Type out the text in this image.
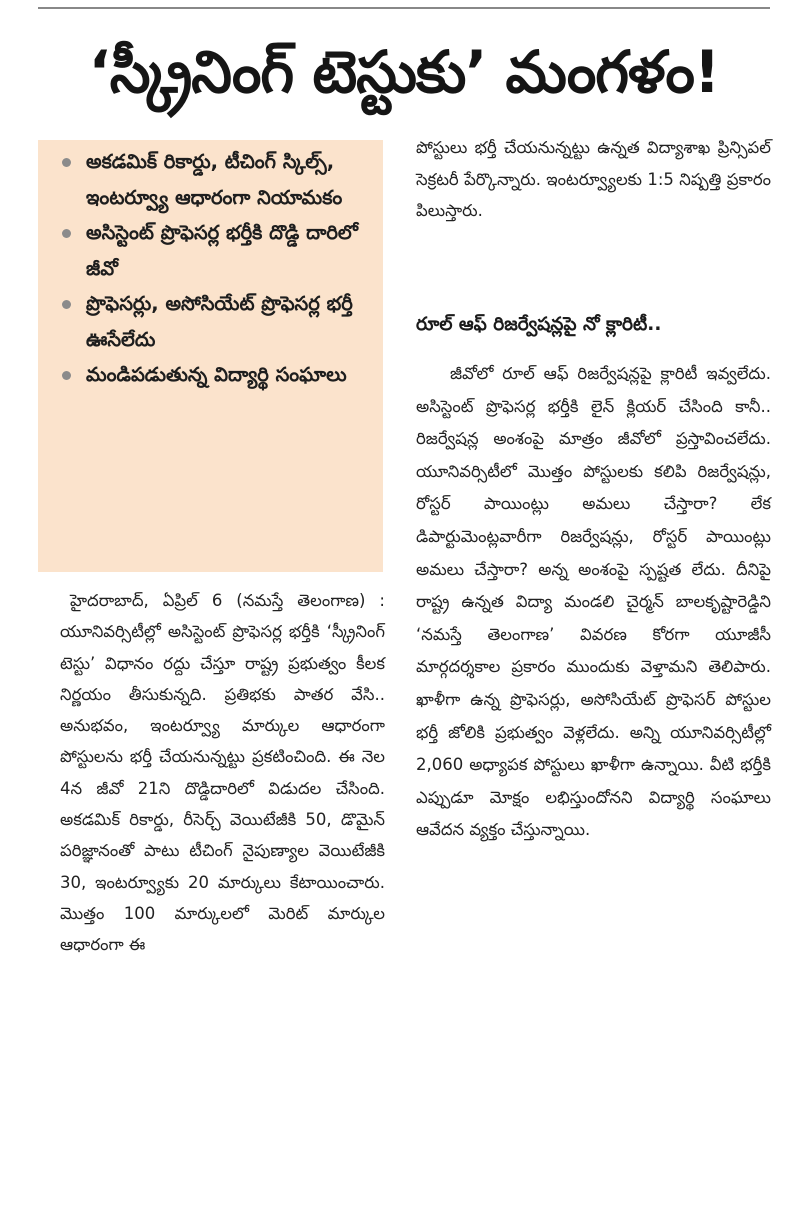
‘స్క్రీనింగ్ టెస్టుకు’ మంగళం!
అకడమిక్ రికార్డు, టీచింగ్ స్కిల్స్, ఇంటర్వ్యూ ఆధారంగా నియామకం
అసిస్టెంట్ ప్రొఫెసర్ల భర్తీకి దొడ్డి దారిలో జీవో
ప్రొఫెసర్లు, అసోసియేట్ ప్రొఫెసర్ల భర్తీ ఊసేలేదు
మండిపడుతున్న విద్యార్థి సంఘాలు

హైదరాబాద్, ఏప్రిల్ 6 (నమస్తే తెలంగాణ) : యూనివర్సిటీల్లో అసిస్టెంట్ ప్రొఫెసర్ల భర్తీకి ‘స్క్రీనింగ్ టెస్టు’ విధానం రద్దు చేస్తూ రాష్ట్ర ప్రభుత్వం కీలక నిర్ణయం తీసుకున్నది. ప్రతిభకు పాతర వేసి.. అనుభవం, ఇంటర్వ్యూ మార్కుల ఆధారంగా పోస్టులను భర్తీ చేయనున్నట్టు ప్రకటించింది. ఈ నెల 4న జీవో 21ని దొడ్డిదారిలో విడుదల చేసింది. అకడమిక్ రికార్డు, రీసెర్చ్ వెయిటేజీకి 50, డొమైన్ పరిజ్ఞానంతో పాటు టీచింగ్ నైపుణ్యాల వెయిటేజీకి 30, ఇంటర్వ్యూకు 20 మార్కులు కేటాయించారు. మొత్తం 100 మార్కులలో మెరిట్ మార్కుల ఆధారంగా ఈ

పోస్టులు భర్తీ చేయనున్నట్టు ఉన్నత విద్యాశాఖ ప్రిన్సిపల్ సెక్రటరీ పేర్కొన్నారు. ఇంటర్వ్యూలకు 1:5 నిష్పత్తి ప్రకారం పిలుస్తారు.

రూల్ ఆఫ్ రిజర్వేషన్లపై నో క్లారిటీ..

జీవోలో రూల్ ఆఫ్ రిజర్వేషన్లపై క్లారిటీ ఇవ్వలేదు. అసిస్టెంట్ ప్రొఫెసర్ల భర్తీకి లైన్ క్లియర్ చేసింది కానీ.. రిజర్వేషన్ల అంశంపై మాత్రం జీవోలో ప్రస్తావించలేదు. యూనివర్సిటీలో మొత్తం పోస్టులకు కలిపి రిజర్వేషన్లు, రోస్టర్ పాయింట్లు అమలు చేస్తారా? లేక డిపార్టుమెంట్లవారీగా రిజర్వేషన్లు, రోస్టర్ పాయింట్లు అమలు చేస్తారా? అన్న అంశంపై స్పష్టత లేదు. దీనిపై రాష్ట్ర ఉన్నత విద్యా మండలి చైర్మన్ బాలకృష్టారెడ్డిని ‘నమస్తే తెలంగాణ’ వివరణ కోరగా యూజీసీ మార్గదర్శకాల ప్రకారం ముందుకు వెళ్తామని తెలిపారు. ఖాళీగా ఉన్న ప్రొఫెసర్లు, అసోసియేట్ ప్రొఫెసర్ పోస్టుల భర్తీ జోలికి ప్రభుత్వం వెళ్లలేదు. అన్ని యూనివర్సిటీల్లో 2,060 అధ్యాపక పోస్టులు ఖాళీగా ఉన్నాయి. వీటి భర్తీకి ఎప్పుడూ మోక్షం లభిస్తుందోనని విద్యార్థి సంఘాలు ఆవేదన వ్యక్తం చేస్తున్నాయి.
